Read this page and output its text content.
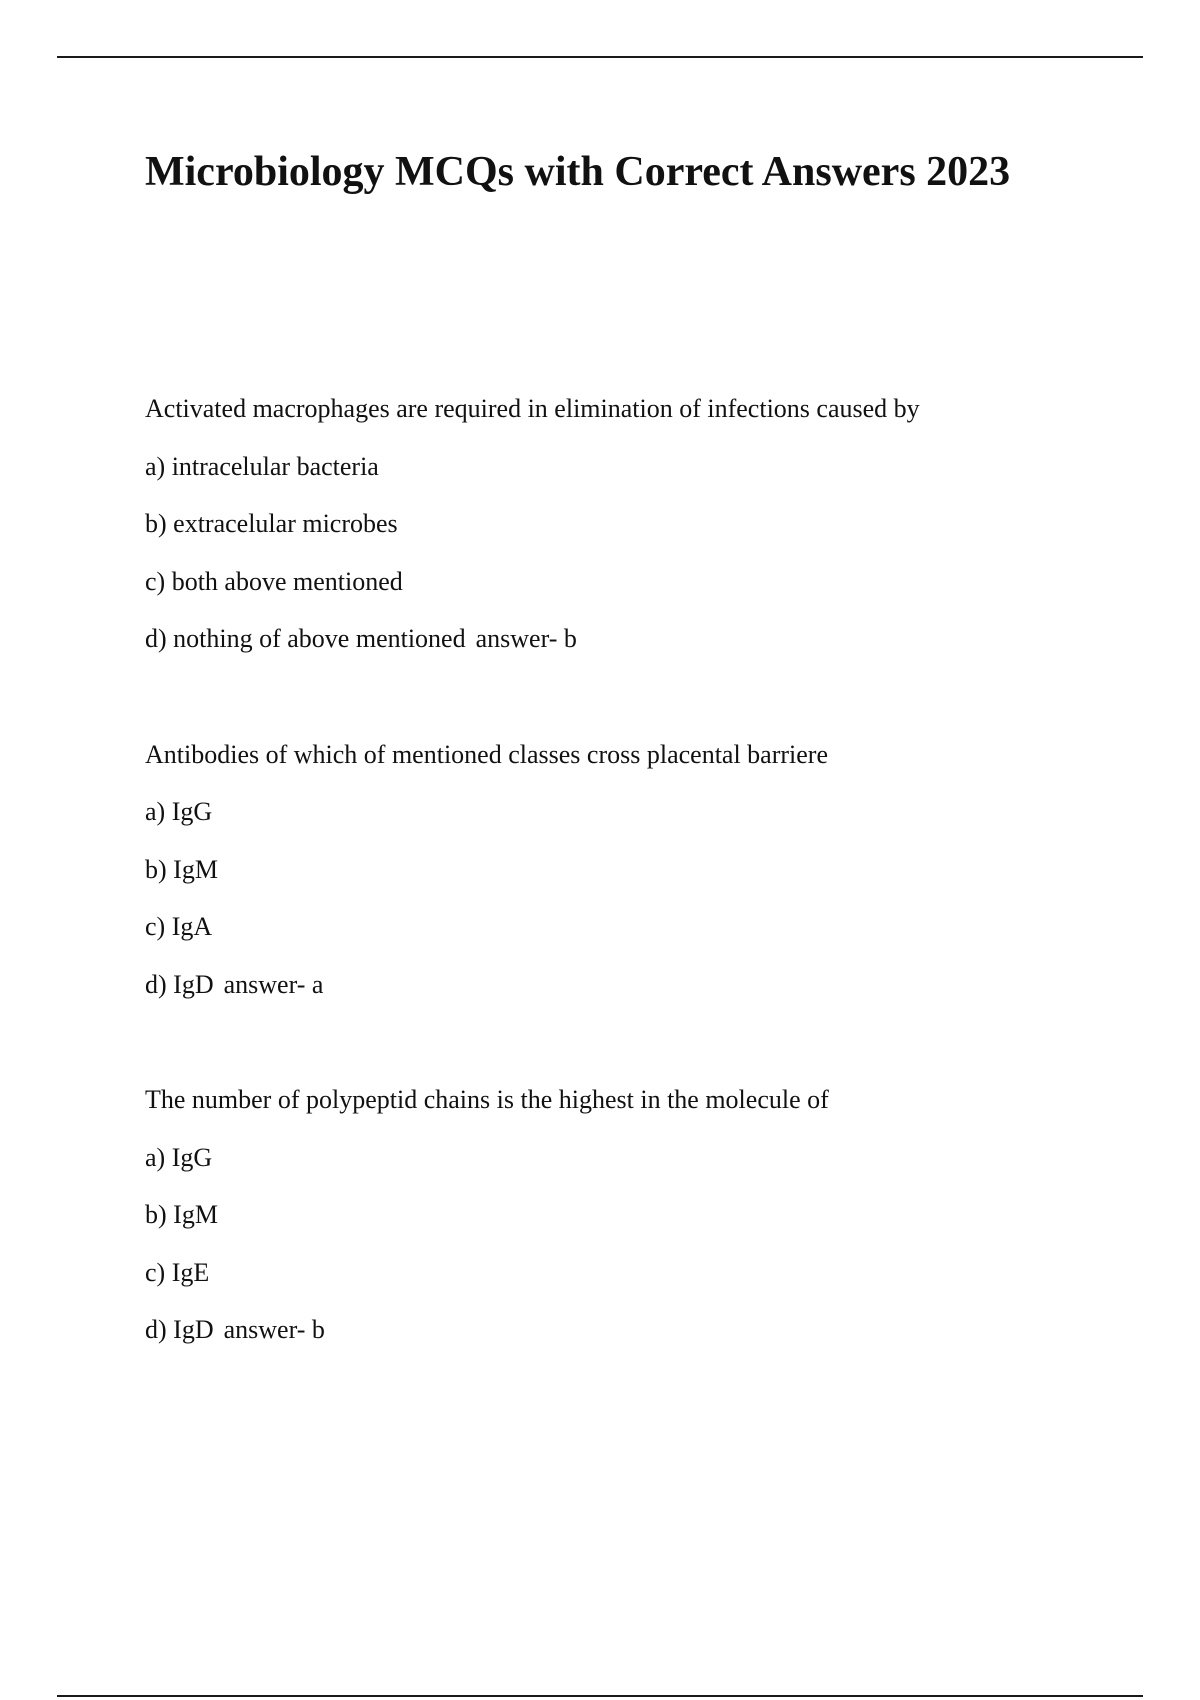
Microbiology MCQs with Correct Answers 2023

Activated macrophages are required in elimination of infections caused by

a) intracelular bacteria

b) extracelular microbes

c) both above mentioned

d) nothing of above mentioned answer- b

Antibodies of which of mentioned classes cross placental barriere

a) IgG

b) IgM

c) IgA

d) IgD answer- a

The number of polypeptid chains is the highest in the molecule of

a) IgG

b) IgM

c) IgE

d) IgD answer- b
